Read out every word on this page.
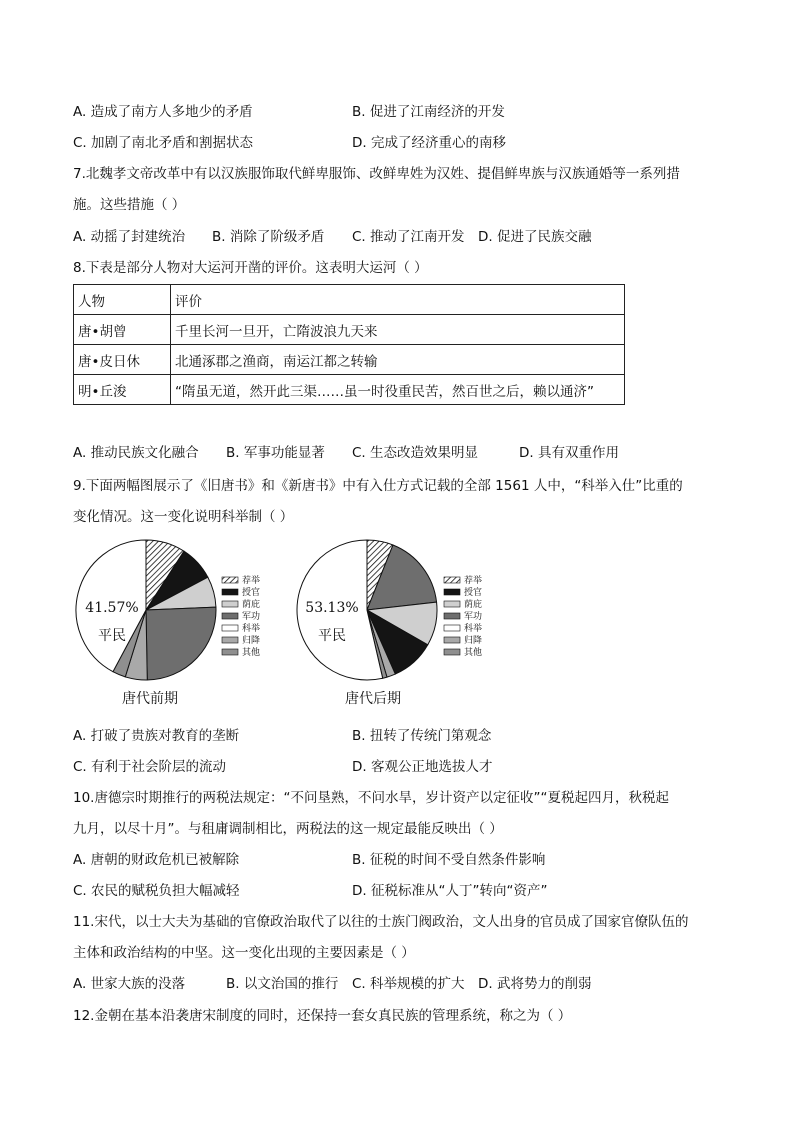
A. 造成了南方人多地少的矛盾	B. 促进了江南经济的开发
C. 加剧了南北矛盾和割据状态	D. 完成了经济重心的南移
7.北魏孝文帝改革中有以汉族服饰取代鲜卑服饰、改鲜卑姓为汉姓、提倡鲜卑族与汉族通婚等一系列措
施。这些措施（ ）
A. 动摇了封建统治 B. 消除了阶级矛盾 C. 推动了江南开发 D. 促进了民族交融
8.下表是部分人物对大运河开凿的评价。这表明大运河（ ）
人物	评价
唐•胡曾	千里长河一旦开，亡隋波浪九天来
唐•皮日休	北通涿郡之渔商，南运江都之转输
明•丘浚	“隋虽无道，然开此三渠……虽一时役重民苦，然百世之后，赖以通济”
A. 推动民族文化融合 B. 军事功能显著 C. 生态改造效果明显	D. 具有双重作用
9.下面两幅图展示了《旧唐书》和《新唐书》中有入仕方式记载的全部 1561 人中，“科举入仕”比重的
变化情况。这一变化说明科举制（ ）
41.57%
平民
荐举
授官
荫庇
军功
科举
归降
其他
唐代前期
53.13%
平民
荐举
授官
荫庇
军功
科举
归降
其他
唐代后期
A. 打破了贵族对教育的垄断	B. 扭转了传统门第观念
C. 有利于社会阶层的流动	D. 客观公正地选拔人才
10.唐德宗时期推行的两税法规定：“不问垦熟，不问水旱，岁计资产以定征收”“夏税起四月，秋税起
九月，以尽十月”。与租庸调制相比，两税法的这一规定最能反映出（ ）
A. 唐朝的财政危机已被解除	B. 征税的时间不受自然条件影响
C. 农民的赋税负担大幅减轻	D. 征税标准从“人丁”转向“资产”
11.宋代，以士大夫为基础的官僚政治取代了以往的士族门阀政治，文人出身的官员成了国家官僚队伍的
主体和政治结构的中坚。这一变化出现的主要因素是（ ）
A. 世家大族的没落	B. 以文治国的推行 C. 科举规模的扩大 D. 武将势力的削弱
12.金朝在基本沿袭唐宋制度的同时，还保持一套女真民族的管理系统，称之为（ ）
